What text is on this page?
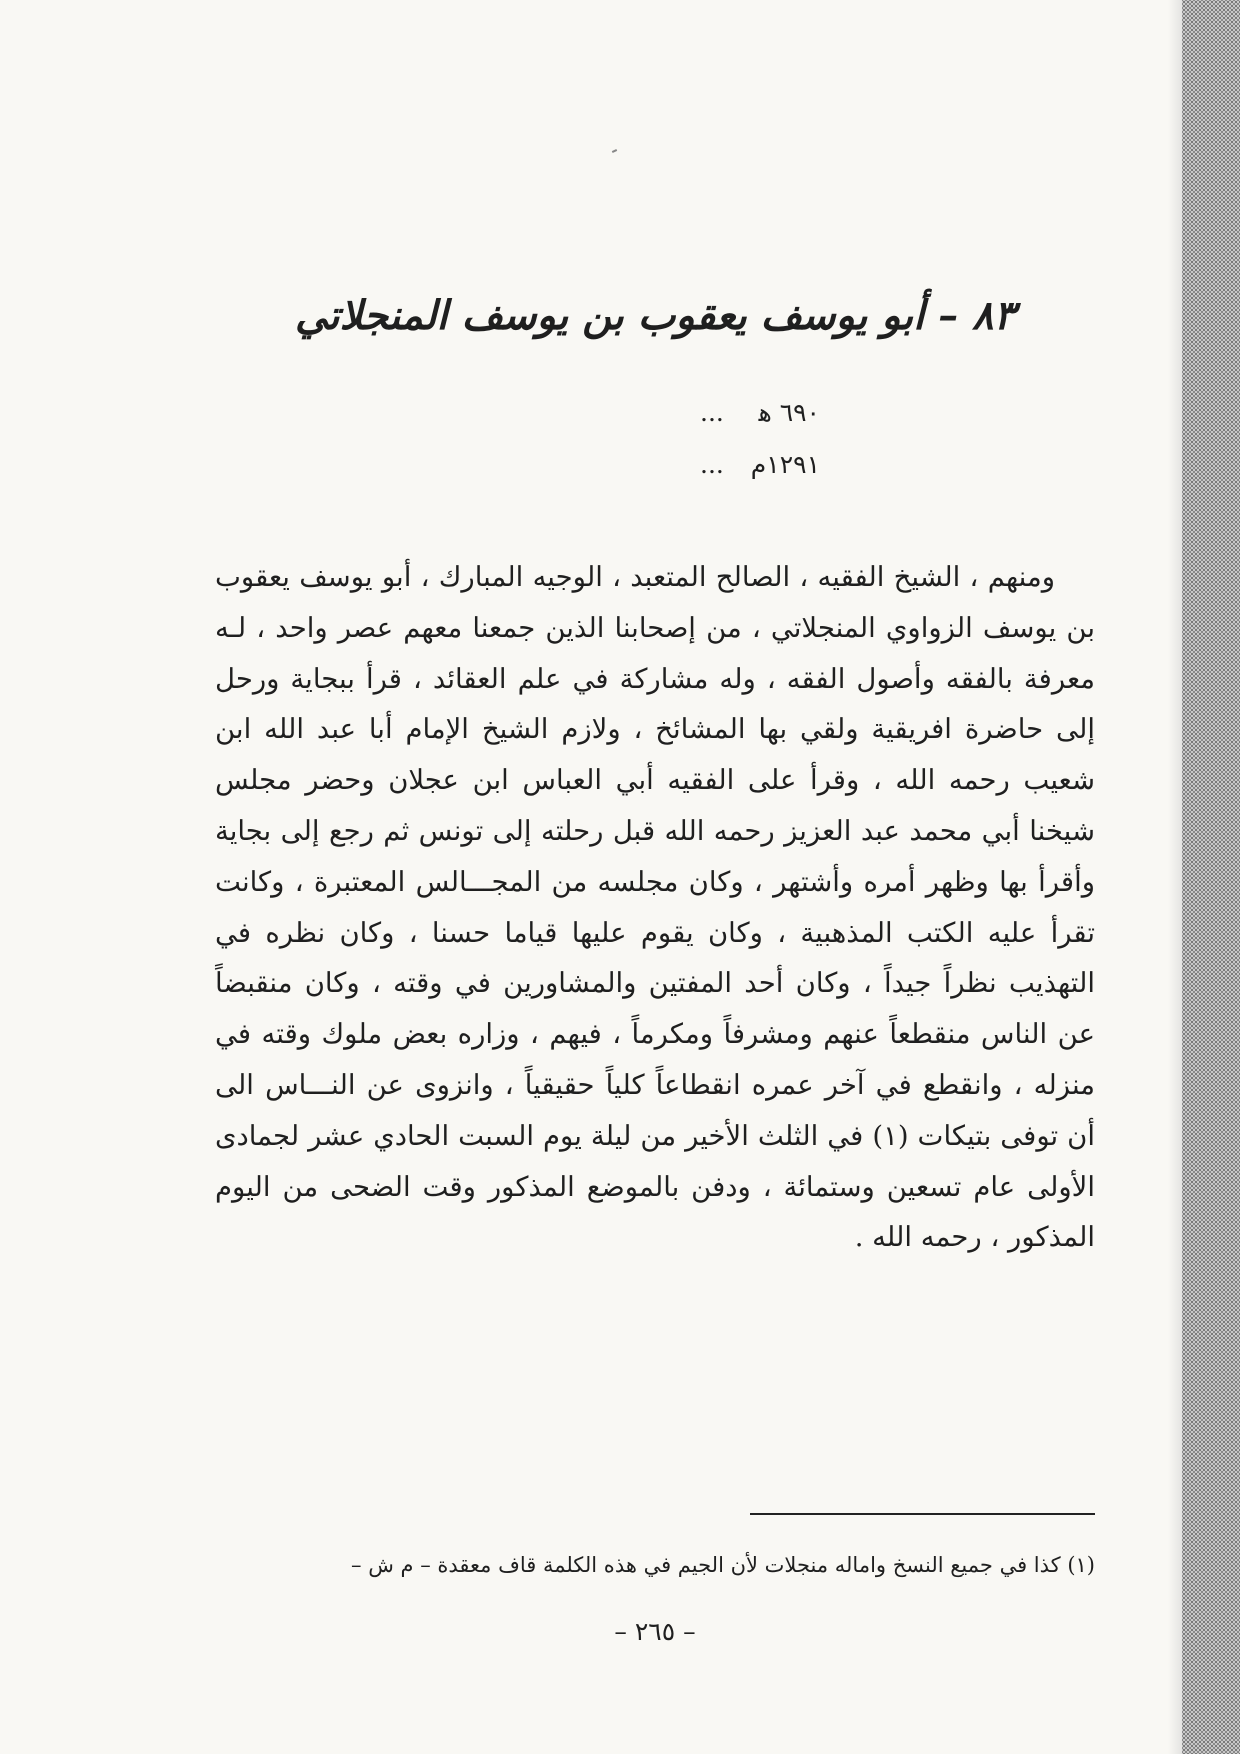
٨٣ – أبو يوسف يعقوب بن يوسف المنجلاتي
٦٩٠ ﻫ
...
١٢٩١م
...

ومنهم ، الشيخ الفقيه ، الصالح المتعبد ، الوجيه المبارك ، أبو يوسف يعقوب بن يوسف الزواوي المنجلاتي ، من إصحابنا الذين جمعنا معهم عصر واحد ، لـه معرفة بالفقه وأصول الفقه ، وله مشاركة في علم العقائد ، قرأ ببجاية ورحل إلى حاضرة افريقية ولقي بها المشائخ ، ولازم الشيخ الإمام أبا عبد الله ابن شعيب رحمه الله ، وقرأ على الفقيه أبي العباس ابن عجلان وحضر مجلس شيخنا أبي محمد عبد العزيز رحمه الله قبل رحلته إلى تونس ثم رجع إلى بجاية وأقرأ بها وظهر أمره وأشتهر ، وكان مجلسه من المجـــالس المعتبرة ، وكانت تقرأ عليه الكتب المذهبية ، وكان يقوم عليها قياما حسنا ، وكان نظره في التهذيب نظراً جيداً ، وكان أحد المفتين والمشاورين في وقته ، وكان منقبضاً عن الناس منقطعاً عنهم ومشرفاً ومكرماً ، فيهم ، وزاره بعض ملوك وقته في منزله ، وانقطع في آخر عمره انقطاعاً كلياً حقيقياً ، وانزوى عن النـــاس الى أن توفى بتيكات (١) في الثلث الأخير من ليلة يوم السبت الحادي عشر لجمادى الأولى عام تسعين وستمائة ، ودفن بالموضع المذكور وقت الضحى من اليوم المذكور ، رحمه الله .

(١) كذا في جميع النسخ واماله منجلات لأن الجيم في هذه الكلمة قاف معقدة – م ش –

– ٢٦٥ –
